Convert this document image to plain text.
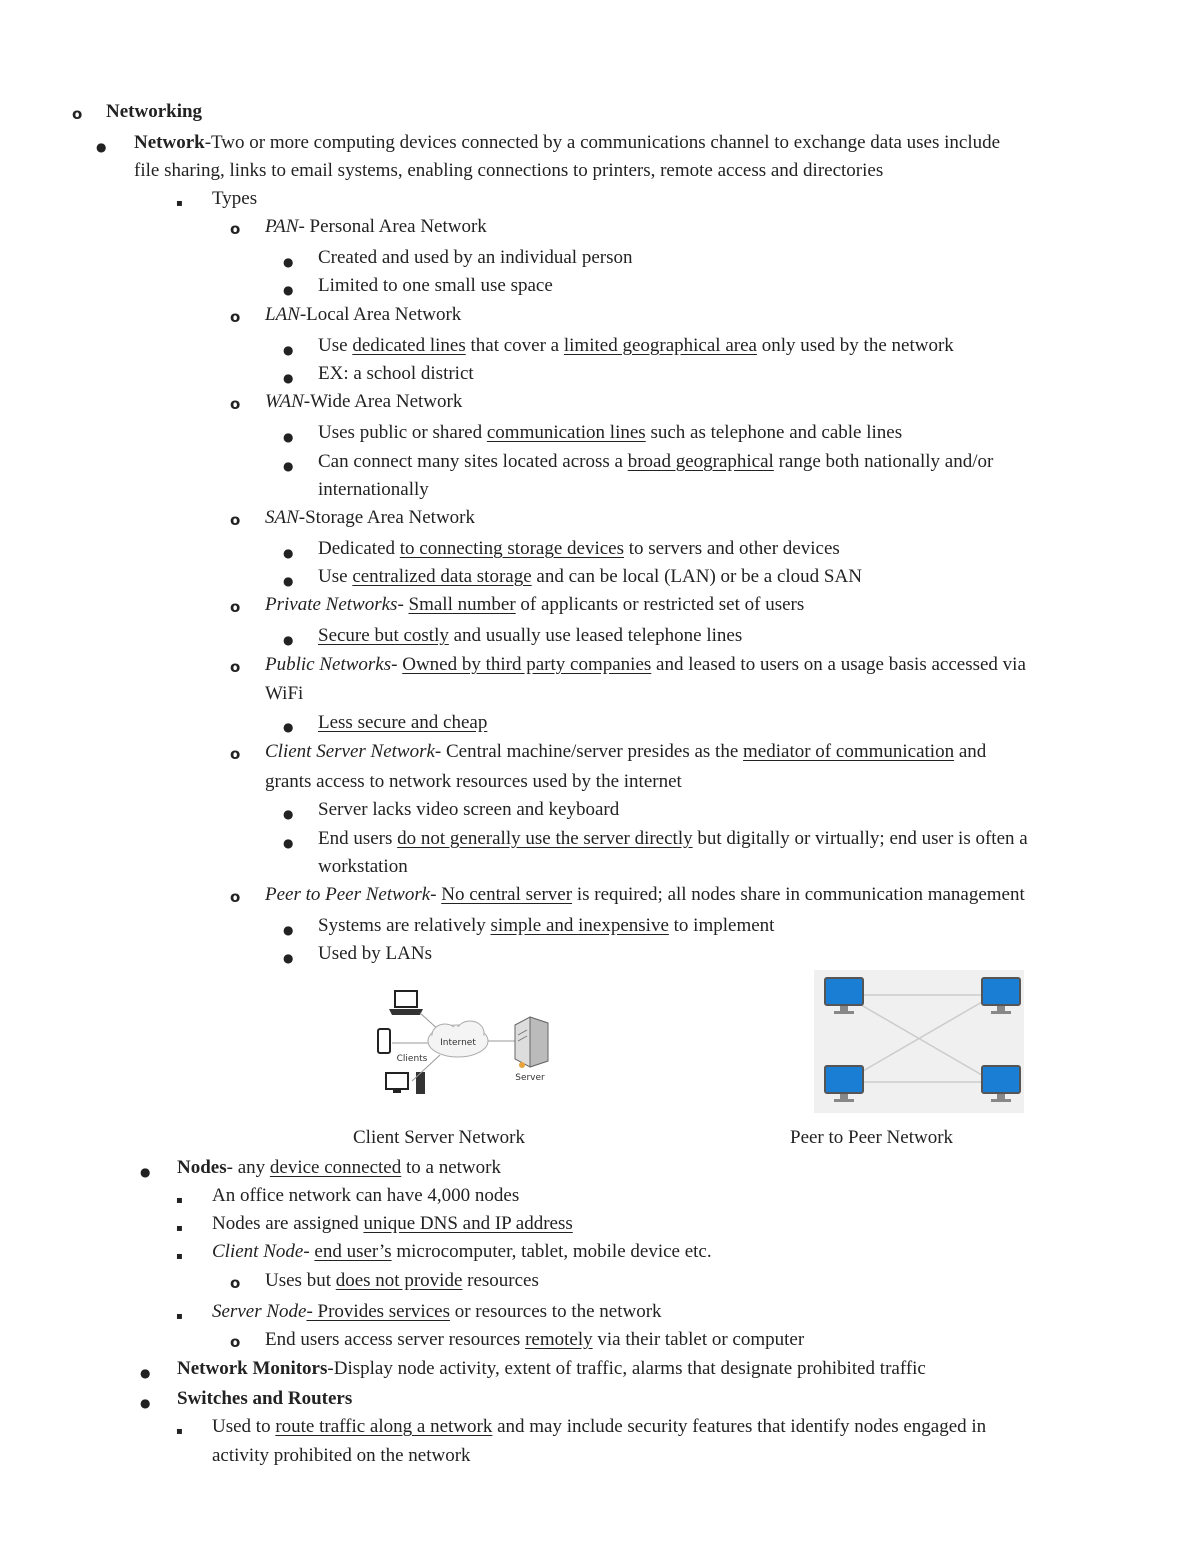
o Networking
● Network-Two or more computing devices connected by a communications channel to exchange data uses include
file sharing, links to email systems, enabling connections to printers, remote access and directories
▪ Types
o PAN- Personal Area Network
● Created and used by an individual person
● Limited to one small use space
o LAN-Local Area Network
● Use dedicated lines that cover a limited geographical area only used by the network
● EX: a school district
o WAN-Wide Area Network
● Uses public or shared communication lines such as telephone and cable lines
● Can connect many sites located across a broad geographical range both nationally and/or
internationally
o SAN-Storage Area Network
● Dedicated to connecting storage devices to servers and other devices
● Use centralized data storage and can be local (LAN) or be a cloud SAN
o Private Networks- Small number of applicants or restricted set of users
● Secure but costly and usually use leased telephone lines
o Public Networks- Owned by third party companies and leased to users on a usage basis accessed via
WiFi
● Less secure and cheap
o Client Server Network- Central machine/server presides as the mediator of communication and
grants access to network resources used by the internet
● Server lacks video screen and keyboard
● End users do not generally use the server directly but digitally or virtually; end user is often a
workstation
o Peer to Peer Network- No central server is required; all nodes share in communication management
● Systems are relatively simple and inexpensive to implement
● Used by LANs
● Nodes- any device connected to a network
▪ An office network can have 4,000 nodes
▪ Nodes are assigned unique DNS and IP address
▪ Client Node- end user’s microcomputer, tablet, mobile device etc.
o Uses but does not provide resources
▪ Server Node- Provides services or resources to the network
o End users access server resources remotely via their tablet or computer
● Network Monitors-Display node activity, extent of traffic, alarms that designate prohibited traffic
● Switches and Routers
▪ Used to route traffic along a network and may include security features that identify nodes engaged in
activity prohibited on the network
Internet
Clients
Server
Client Server Network	Peer to Peer Network
